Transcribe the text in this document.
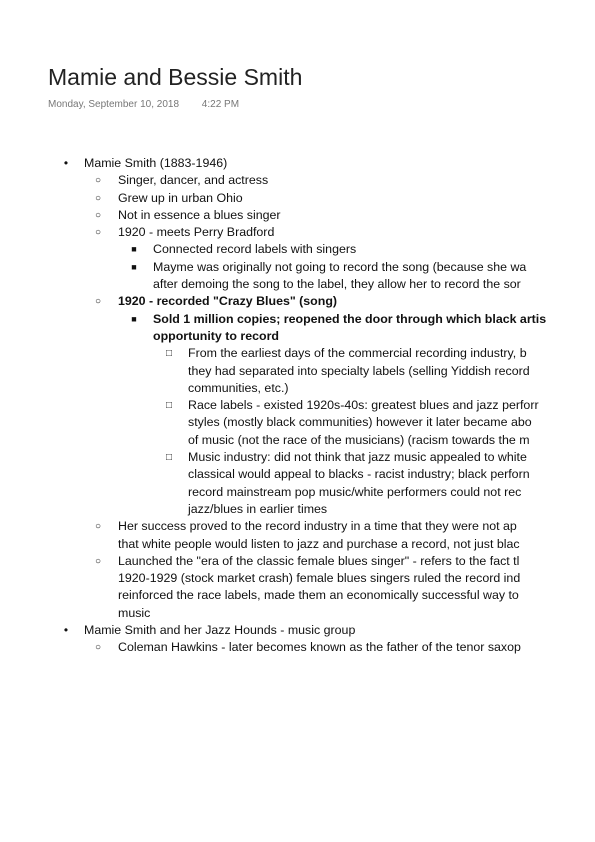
Mamie and Bessie Smith
Monday, September 10, 2018 4:22 PM
•	Mamie Smith (1883-1946)
○ Singer, dancer, and actress
○ Grew up in urban Ohio
○ Not in essence a blues singer
○ 1920 - meets Perry Bradford
■ Connected record labels with singers
■ Mayme was originally not going to record the song (because she wa
after demoing the song to the label, they allow her to record the sor
○ 1920 - recorded "Crazy Blues" (song)
■ Sold 1 million copies; reopened the door through which black artis
opportunity to record
□ From the earliest days of the commercial recording industry, b
they had separated into specialty labels (selling Yiddish record
communities, etc.)
□ Race labels - existed 1920s-40s: greatest blues and jazz perforr
styles (mostly black communities) however it later became abo
of music (not the race of the musicians) (racism towards the m
□ Music industry: did not think that jazz music appealed to white
classical would appeal to blacks - racist industry; black perforn
record mainstream pop music/white performers could not rec
jazz/blues in earlier times
○ Her success proved to the record industry in a time that they were not ap
that white people would listen to jazz and purchase a record, not just blac
○ Launched the "era of the classic female blues singer" - refers to the fact tl
1920-1929 (stock market crash) female blues singers ruled the record ind
reinforced the race labels, made them an economically successful way to
music
•	Mamie Smith and her Jazz Hounds - music group
○ Coleman Hawkins - later becomes known as the father of the tenor saxop
